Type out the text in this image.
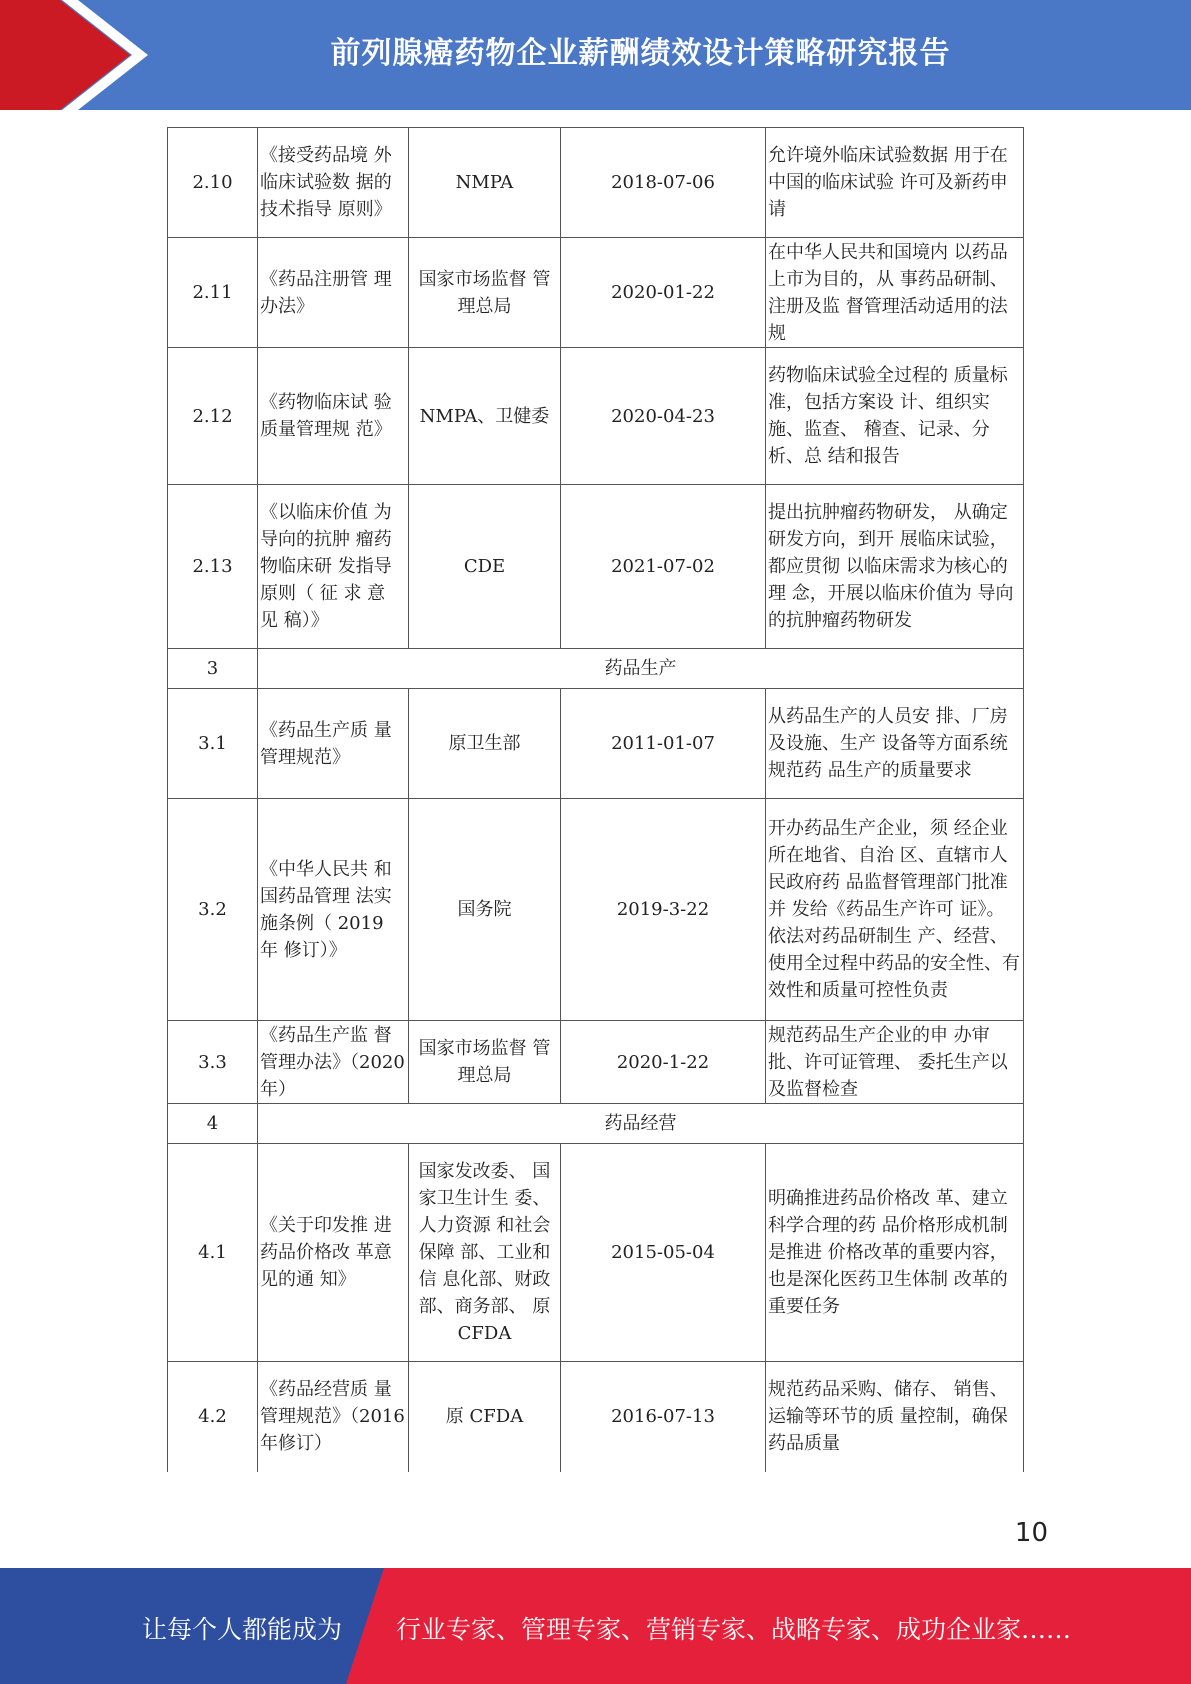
前列腺癌药物企业薪酬绩效设计策略研究报告
2.10	《接受药品境 外临床试验数 据的技术指导 原则》	NMPA	2018-07-06	允许境外临床试验数据 用于在中国的临床试验 许可及新药申请
2.11	《药品注册管 理办法》	国家市场监督 管理总局	2020-01-22	在中华人民共和国境内 以药品上市为目的，从 事药品研制、注册及监 督管理活动适用的法规
2.12	《药物临床试 验质量管理规 范》	NMPA、卫健委	2020-04-23	药物临床试验全过程的 质量标准，包括方案设 计、组织实施、监查、 稽查、记录、分析、总 结和报告
2.13	《以临床价值 为导向的抗肿 瘤药物临床研 发指导原则（ 征 求 意 见 稿）》	CDE	2021-07-02	提出抗肿瘤药物研发， 从确定研发方向，到开 展临床试验，都应贯彻 以临床需求为核心的理 念，开展以临床价值为 导向的抗肿瘤药物研发
3	药品生产			
3.1	《药品生产质 量管理规范》	原卫生部	2011-01-07	从药品生产的人员安 排、厂房及设施、生产 设备等方面系统规范药 品生产的质量要求
3.2	《中华人民共 和国药品管理 法实施条例（ 2019 年 修订）》	国务院	2019-3-22	开办药品生产企业，须 经企业所在地省、自治 区、直辖市人民政府药 品监督管理部门批准并 发给《药品生产许可 证》。依法对药品研制生 产、经营、使用全过程中药品的安全性、有效性和质量可控性负责
3.3	《药品生产监 督管理办法》（2020 年）	国家市场监督 管理总局	2020-1-22	规范药品生产企业的申 办审批、许可证管理、 委托生产以及监督检查
4	药品经营			
4.1	《关于印发推 进药品价格改 革意见的通 知》	国家发改委、 国家卫生计生 委、人力资源 和社会保障 部、工业和信 息化部、财政部、商务部、 原 CFDA	2015-05-04	明确推进药品价格改 革、建立科学合理的药 品价格形成机制是推进 价格改革的重要内容， 也是深化医药卫生体制 改革的重要任务
4.2	《药品经营质 量管理规范》（2016 年修订）	原 CFDA	2016-07-13	规范药品采购、储存、 销售、运输等环节的质 量控制，确保药品质量
10
让每个人都能成为 行业专家、管理专家、营销专家、战略专家、成功企业家……
